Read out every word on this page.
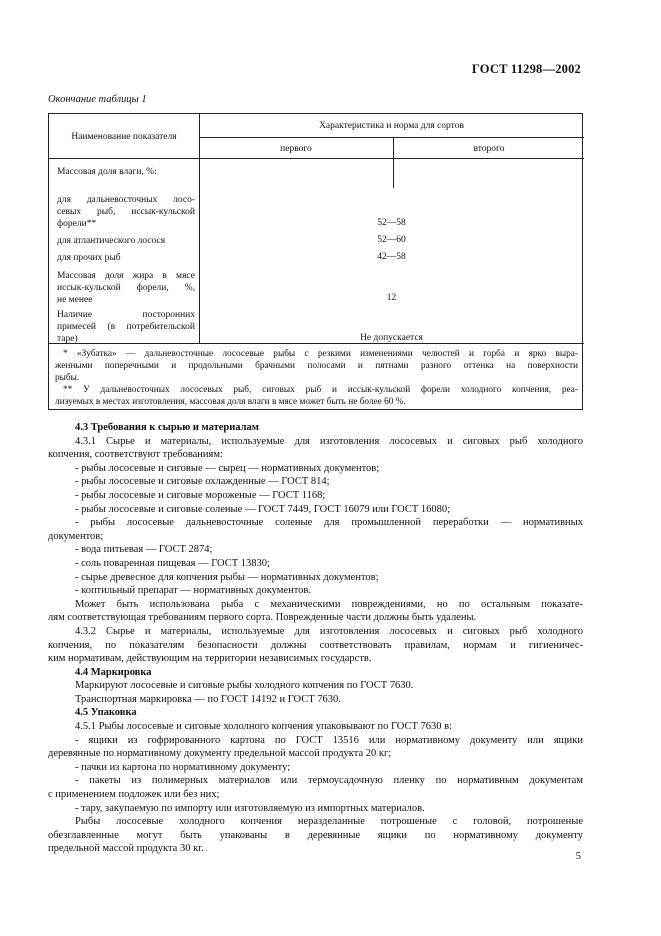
ГОСТ 11298—2002
Окончание таблицы 1
Наименование показателя
Характеристика и норма для сортов
первого	второго
Массовая доля влаги, %:
для дальневосточных лосо-
севых рыб, иссык-кульской
форели**	52—58
для атлантического лосося	52—60
для прочих рыб	42—58
Массовая доля жира в мясе
иссык-кульской форели, %,
не менее	12
Наличие посторонних
примесей (в потребительской
таре)	Не допускается
* «Зубатка» — дальневосточные лососевые рыбы с резкими изменениями челюстей и горба и ярко выра-
женными поперечными и продольными брачными полосами и пятнами разного оттенка на поверхности
рыбы.
** У дальневосточных лососевых рыб, сиговых рыб и иссык-кульской форели холодного копчения, реа-
лизуемых в местах изготовления, массовая доля влаги в мясе может быть не более 60 %.

4.3 Требования к сырью и материалам

4.3.1 Сырье и материалы, используемые для изготовления лососевых и сиговых рыб холодного

копчения, соответствуют требованиям:

- рыбы лососевые и сиговые — сырец — нормативных документов;

- рыбы лососевые и сиговые охлажденные — ГОСТ 814;

- рыбы лососевые и сиговые мороженые — ГОСТ 1168;

- рыбы лососевые и сиговые соленые — ГОСТ 7449, ГОСТ 16079 или ГОСТ 16080;

- рыбы лососевые дальневосточные соленые для промышленной переработки — нормативных

документов;

- вода питьевая — ГОСТ 2874;

- соль поваренная пищевая — ГОСТ 13830;

- сырье древесное для копчения рыбы — нормативных документов;

- коптильный препарат — нормативных документов.

Может быть использована рыба с механическими повреждениями, но по остальным показате-

лям соответствующая требованиям первого сорта. Поврежденные части должны быть удалены.

4.3.2 Сырье и материалы, используемые для изготовления лососевых и сиговых рыб холодного

копчения, по показателям безопасности должны соответствовать правилам, нормам и гигиеничес-

ким нормативам, действующим на территории независимых государств.

4.4 Маркировка

Маркируют лососевые и сиговые рыбы холодного копчения по ГОСТ 7630.

Транспортная маркировка — по ГОСТ 14192 и ГОСТ 7630.

4.5 Упаковка

4.5.1 Рыбы лососевые и сиговые хололного копчения упаковывают по ГОСТ 7630 в:

- ящики из гофрированного картона по ГОСТ 13516 или нормативному документу или ящики

деревянные по нормативному документу предельной массой продукта 20 кг;

- пачки из картона по нормативному документу;

- пакеты из полимерных материалов или термоусадочную пленку по нормативным документам

с применением подложек или без них;

- тару, закупаемую по импорту или изготовляемую из импортных материалов.

Рыбы лососевые холодного копчения неразделанные потрошеные с головой, потрошеные

обезглавленные могут быть упакованы в деревянные ящики по нормативному документу

предельной массой продукта 30 кг.

5
